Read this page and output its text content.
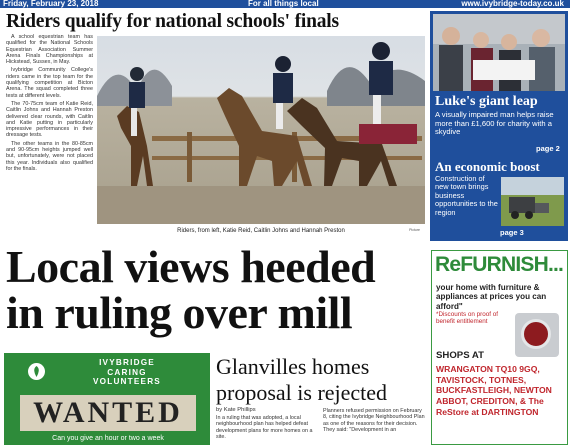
Friday, February 23, 2018	For all things local	www.ivybridge-today.co.uk
Riders qualify for national schools' finals

A school equestrian team has qualified for the National Schools Equestrian Association Summer Arena Finals Championships at Hickstead, Sussex, in May.

Ivybridge Community College's riders came in the top team for the qualifying competition at Bicton Arena. The squad completed three tests at different levels.

The 70-75cm team of Katie Reid, Caitlin Johns and Hannah Preston delivered clear rounds, with Caitlin and Katie putting in particularly impressive performances in their dressage tests.

The other teams in the 80-85cm and 90-95cm heights jumped well but, unfortunately, were not placed this year. Individuals also qualified for the finals.

Riders, from left, Katie Reid, Caitlin Johns and Hannah Preston	Picture
Luke's giant leap
A visually impaired man helps raise more than £1,600 for charity with a skydive
page 2
An economic boost
Construction of new town brings business opportunities to the region
page 3
Local views heeded
in ruling over mill
IVYBRIDGE
CARING
VOLUNTEERS
WANTED
Can you give an hour or two a week
Glanvilles homes proposal is rejected
by Kate Phillips
In a ruling that was adopted, a local neighbourhood plan has helped defeat development plans for more homes on a site.
Planners refused permission on February 8, citing the Ivybridge Neighbourhood Plan as one of the reasons for their decision. They said: "Development in an
ReFURNISH...
your home with furniture & appliances at prices you can afford"
*Discounts on proof of benefit entitlement
SHOPS AT
WRANGATON TQ10 9GQ, TAVISTOCK, TOTNES, BUCKFASTLEIGH, NEWTON ABBOT, CREDITON, & The ReStore at DARTINGTON
